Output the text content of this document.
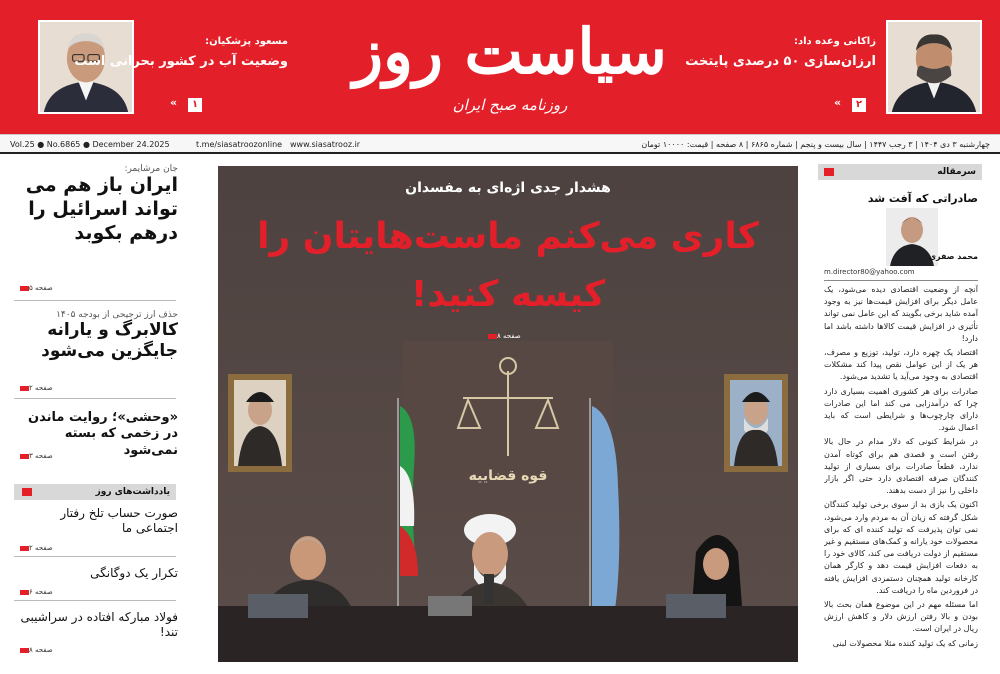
مسعود پزشکیان:
وضعیت آب در کشور بحرانی است
«	۱
سیاست روز
روزنامه صبح ایران
زاکانی وعده داد:
ارزان‌سازی ۵۰ درصدی پایتخت
«	۲
چهارشنبه ۳ دی ۱۴۰۴ | ۳ رجب ۱۴۴۷ | سال بیست و پنجم | شماره ۶۸۶۵ | ۸ صفحه | قیمت: ۱۰۰۰۰ تومان
www.siasatrooz.ir
t.me/siasatroozonline
Vol.25 ● No.6865 ● December 24.2025
جان مرشایمر:
ایران باز هم می تواند اسرائیل را درهم بکوبد
صفحه ۵
حذف ارز ترجیحی از بودجه ۱۴۰۵
کالابرگ و یارانه جایگزین می‌شود
صفحه ۲
«وحشی»؛ روایت ماندن در زخمی که بسته نمی‌شود
صفحه ۳
یادداشت‌های روز
صورت حساب تلخ رفتار اجتماعی ما
صفحه ۲
تکرار یک دوگانگی
صفحه ۶
فولاد مبارکه افتاده در سراشیبی تند!
صفحه ۸
هشدار جدی اژه‌ای به مفسدان
کاری می‌کنم ماست‌هایتان را
کیسه کنید!
صفحه ۸
قوه قضاییه
سرمقاله
صادراتی که آفت شد
محمد صفری
m.director80@yahoo.com

آنچه از وضعیت اقتصادی دیده می‌شود، یک عامل دیگر برای افزایش قیمت‌ها نیز به وجود آمده شاید برخی بگویند که این عامل نمی تواند تأثیری در افزایش قیمت کالاها داشته باشد اما دارد!

اقتصاد یک چهره دارد، تولید، توزیع و مصرف، هر یک از این عوامل نقص پیدا کند مشکلات اقتصادی به وجود می‌آید یا تشدید می‌شود.

صادرات برای هر کشوری اهمیت بسیاری دارد چرا که درآمدزایی می کند اما این صادرات دارای چارچوب‌ها و شرایطی است که باید اعمال شود.

در شرایط کنونی که دلار مدام در حال بالا رفتن است و قصدی هم برای کوتاه آمدن ندارد، قطعاً صادرات برای بسیاری از تولید کنندگان صرفه اقتصادی دارد حتی اگر بازار داخلی را نیز از دست بدهند.

اکنون یک بازی بد از سوی برخی تولید کنندگان شکل گرفته که زیان آن به مردم وارد می‌شود، نمی توان پذیرفت که تولید کننده ای که برای محصولات خود یارانه و کمک‌های مستقیم و غیر مستقیم از دولت دریافت می کند، کالای خود را به دفعات افزایش قیمت دهد و کارگر همان کارخانه تولید همچنان دستمزدی افزایش یافته در فروردین ماه را دریافت کند.

اما مسئله مهم در این موضوع همان بحث بالا بودن و بالا رفتن ارزش دلار و کاهش ارزش ریال در ایران است.

زمانی که یک تولید کننده مثلا محصولات لبنی
